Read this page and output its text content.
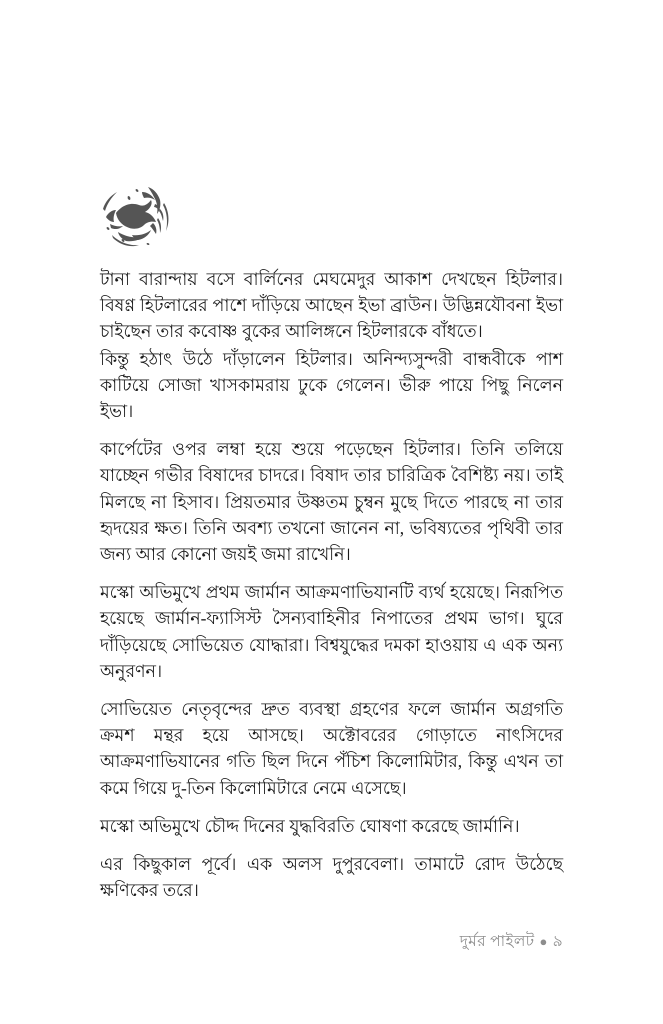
টানা বারান্দায় বসে বার্লিনের মেঘমেদুর আকাশ দেখছেন হিটলার। বিষণ্ণ হিটলারের পাশে দাঁড়িয়ে আছেন ইভা ব্রাউন। উদ্ভিন্নযৌবনা ইভা চাইছেন তার কবোষ্ণ বুকের আলিঙ্গনে হিটলারকে বাঁধতে।

কিন্তু হঠাৎ উঠে দাঁড়ালেন হিটলার। অনিন্দ্যসুন্দরী বান্ধবীকে পাশ কাটিয়ে সোজা খাসকামরায় ঢুকে গেলেন। ভীরু পায়ে পিছু নিলেন ইভা।

কার্পেটের ওপর লম্বা হয়ে শুয়ে পড়েছেন হিটলার। তিনি তলিয়ে যাচ্ছেন গভীর বিষাদের চাদরে। বিষাদ তার চারিত্রিক বৈশিষ্ট্য নয়। তাই মিলছে না হিসাব। প্রিয়তমার উষ্ণতম চুম্বন মুছে দিতে পারছে না তার হৃদয়ের ক্ষত। তিনি অবশ্য তখনো জানেন না, ভবিষ্যতের পৃথিবী তার জন্য আর কোনো জয়ই জমা রাখেনি।

মস্কো অভিমুখে প্রথম জার্মান আক্রমণাভিযানটি ব্যর্থ হয়েছে। নিরূপিত হয়েছে জার্মান-ফ্যাসিস্ট সৈন্যবাহিনীর নিপাতের প্রথম ভাগ। ঘুরে দাঁড়িয়েছে সোভিয়েত যোদ্ধারা। বিশ্বযুদ্ধের দমকা হাওয়ায় এ এক অন্য অনুরণন।

সোভিয়েত নেতৃবৃন্দের দ্রুত ব্যবস্থা গ্রহণের ফলে জার্মান অগ্রগতি ক্রমশ মন্থর হয়ে আসছে। অক্টোবরের গোড়াতে নাৎসিদের আক্রমণাভিযানের গতি ছিল দিনে পঁচিশ কিলোমিটার, কিন্তু এখন তা কমে গিয়ে দু-তিন কিলোমিটারে নেমে এসেছে।

মস্কো অভিমুখে চৌদ্দ দিনের যুদ্ধবিরতি ঘোষণা করেছে জার্মানি।

এর কিছুকাল পূর্বে। এক অলস দুপুরবেলা। তামাটে রোদ উঠেছে ক্ষণিকের তরে।

দুর্মর পাইলট ● ৯
